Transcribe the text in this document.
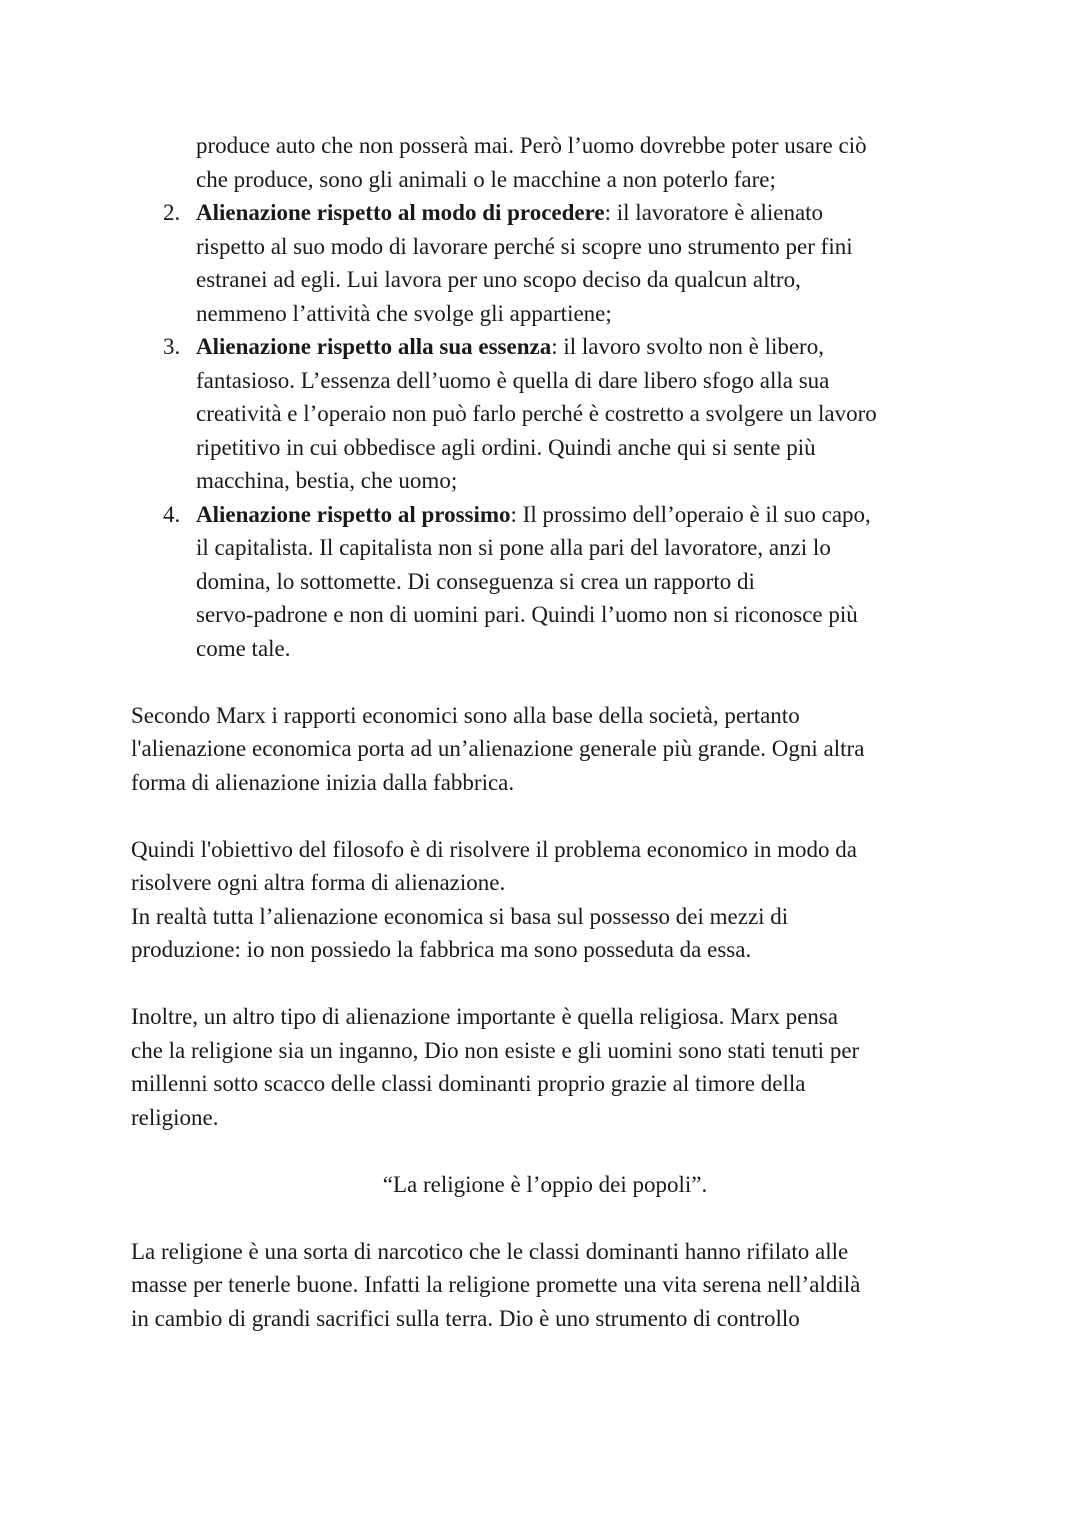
produce auto che non posserà mai. Però l’uomo dovrebbe poter usare ciò
che produce, sono gli animali o le macchine a non poterlo fare;
2. Alienazione rispetto al modo di procedere: il lavoratore è alienato
rispetto al suo modo di lavorare perché si scopre uno strumento per fini
estranei ad egli. Lui lavora per uno scopo deciso da qualcun altro,
nemmeno l’attività che svolge gli appartiene;
3. Alienazione rispetto alla sua essenza: il lavoro svolto non è libero,
fantasioso. L’essenza dell’uomo è quella di dare libero sfogo alla sua
creatività e l’operaio non può farlo perché è costretto a svolgere un lavoro
ripetitivo in cui obbedisce agli ordini. Quindi anche qui si sente più
macchina, bestia, che uomo;
4. Alienazione rispetto al prossimo: Il prossimo dell’operaio è il suo capo,
il capitalista. Il capitalista non si pone alla pari del lavoratore, anzi lo
domina, lo sottomette. Di conseguenza si crea un rapporto di
servo-padrone e non di uomini pari. Quindi l’uomo non si riconosce più
come tale.

Secondo Marx i rapporti economici sono alla base della società, pertanto
l'alienazione economica porta ad un’alienazione generale più grande. Ogni altra
forma di alienazione inizia dalla fabbrica.

Quindi l'obiettivo del filosofo è di risolvere il problema economico in modo da
risolvere ogni altra forma di alienazione.
In realtà tutta l’alienazione economica si basa sul possesso dei mezzi di
produzione: io non possiedo la fabbrica ma sono posseduta da essa.

Inoltre, un altro tipo di alienazione importante è quella religiosa. Marx pensa
che la religione sia un inganno, Dio non esiste e gli uomini sono stati tenuti per
millenni sotto scacco delle classi dominanti proprio grazie al timore della
religione.

“La religione è l’oppio dei popoli”.

La religione è una sorta di narcotico che le classi dominanti hanno rifilato alle
masse per tenerle buone. Infatti la religione promette una vita serena nell’aldilà
in cambio di grandi sacrifici sulla terra. Dio è uno strumento di controllo
